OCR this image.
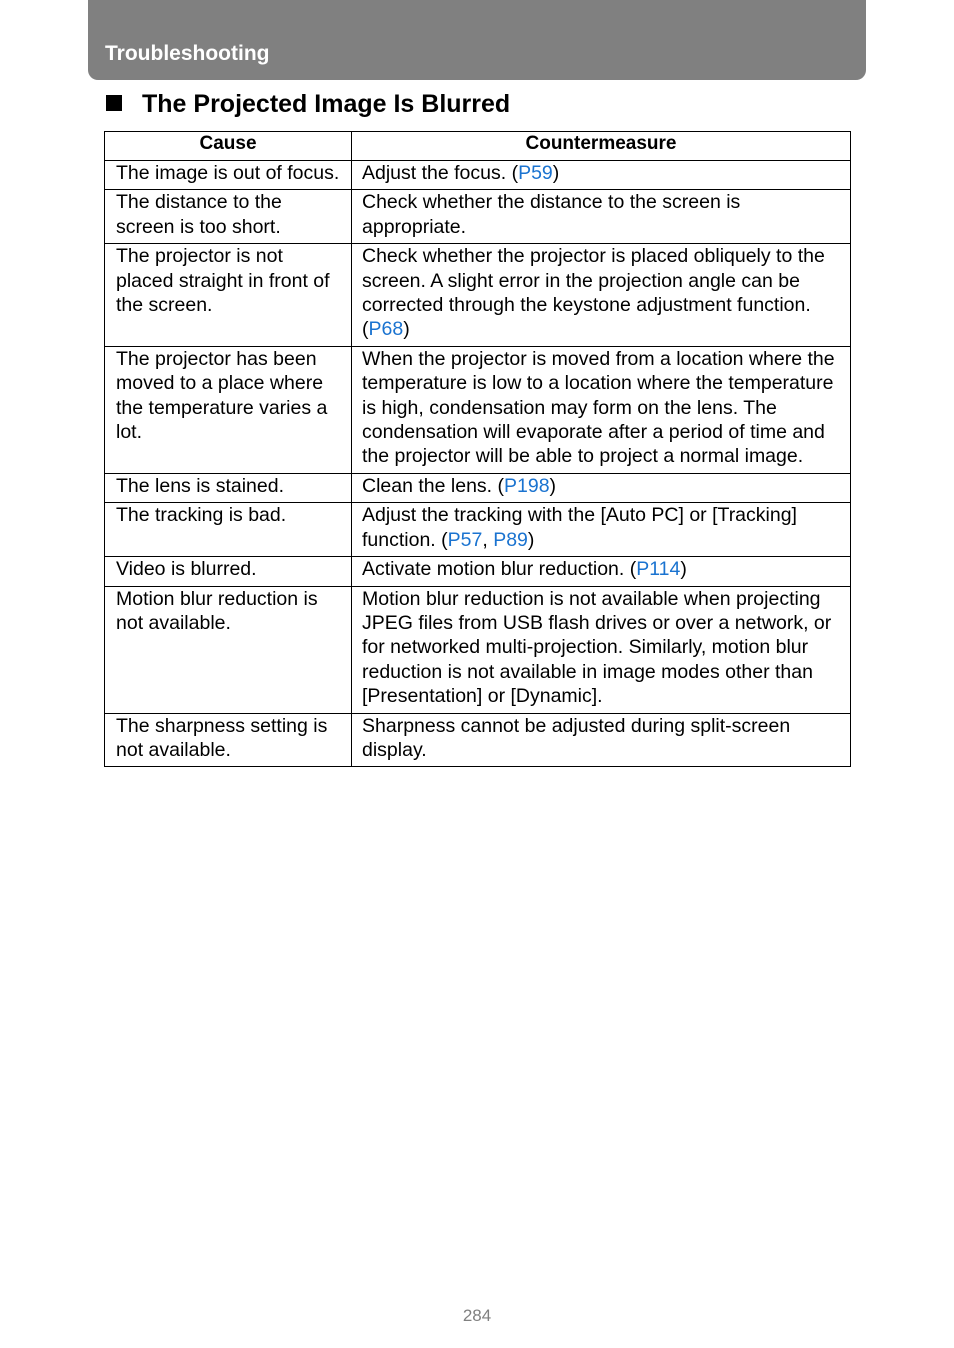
Troubleshooting
The Projected Image Is Blurred
Cause	Countermeasure
The image is out of focus.	Adjust the focus. (P59)
The distance to the screen is too short.	Check whether the distance to the screen is appropriate.
The projector is not placed straight in front of the screen.	Check whether the projector is placed obliquely to the screen. A slight error in the projection angle can be corrected through the keystone adjustment function. (P68)
The projector has been moved to a place where the temperature varies a lot.	When the projector is moved from a location where the temperature is low to a location where the temperature is high, condensation may form on the lens. The condensation will evaporate after a period of time and the projector will be able to project a normal image.
The lens is stained.	Clean the lens. (P198)
The tracking is bad.	Adjust the tracking with the [Auto PC] or [Tracking] function. (P57, P89)
Video is blurred.	Activate motion blur reduction. (P114)
Motion blur reduction is not available.	Motion blur reduction is not available when projecting JPEG files from USB flash drives or over a network, or for networked multi-projection. Similarly, motion blur reduction is not available in image modes other than [Presentation] or [Dynamic].
The sharpness setting is not available.	Sharpness cannot be adjusted during split-screen display.
284
